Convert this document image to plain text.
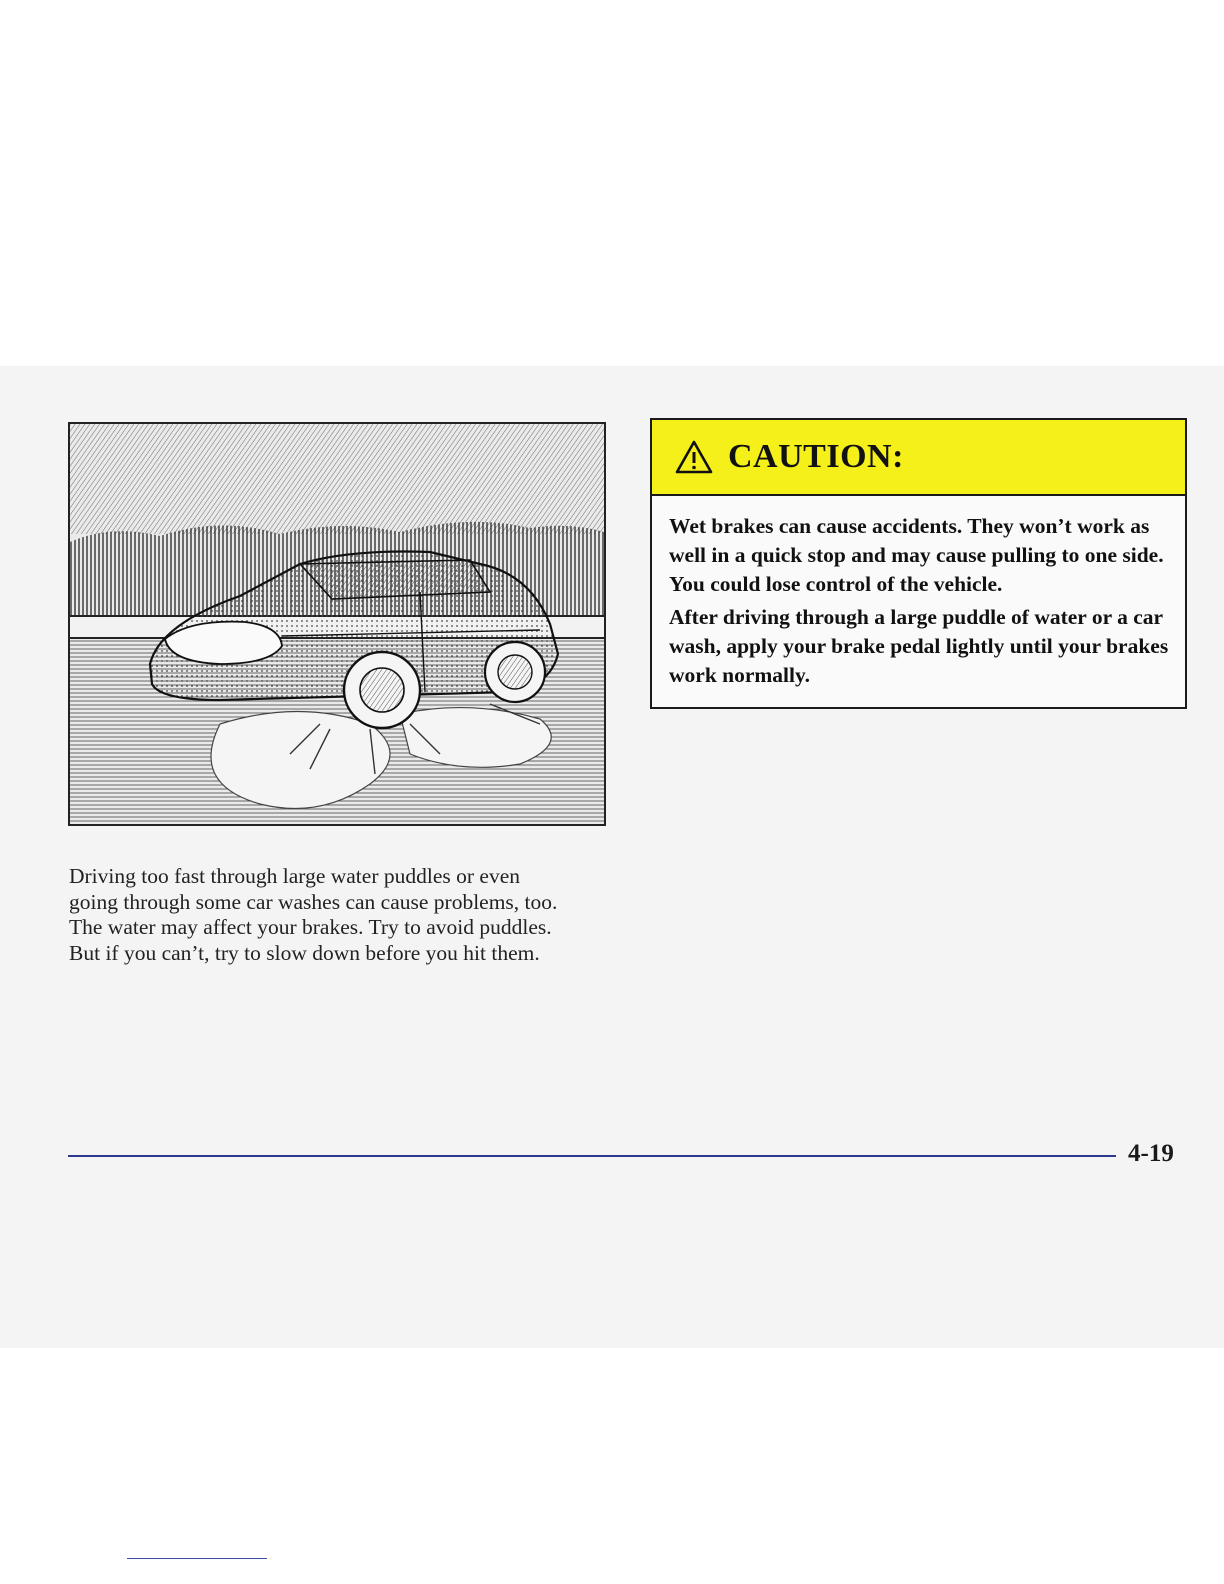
Driving too fast through large water puddles or even

going through some car washes can cause problems, too.

The water may affect your brakes. Try to avoid puddles.

But if you can’t, try to slow down before you hit them.

CAUTION:

Wet brakes can cause accidents. They won’t work as well in a quick stop and may cause pulling to one side. You could lose control of the vehicle.

After driving through a large puddle of water or a car wash, apply your brake pedal lightly until your brakes work normally.

4-19
